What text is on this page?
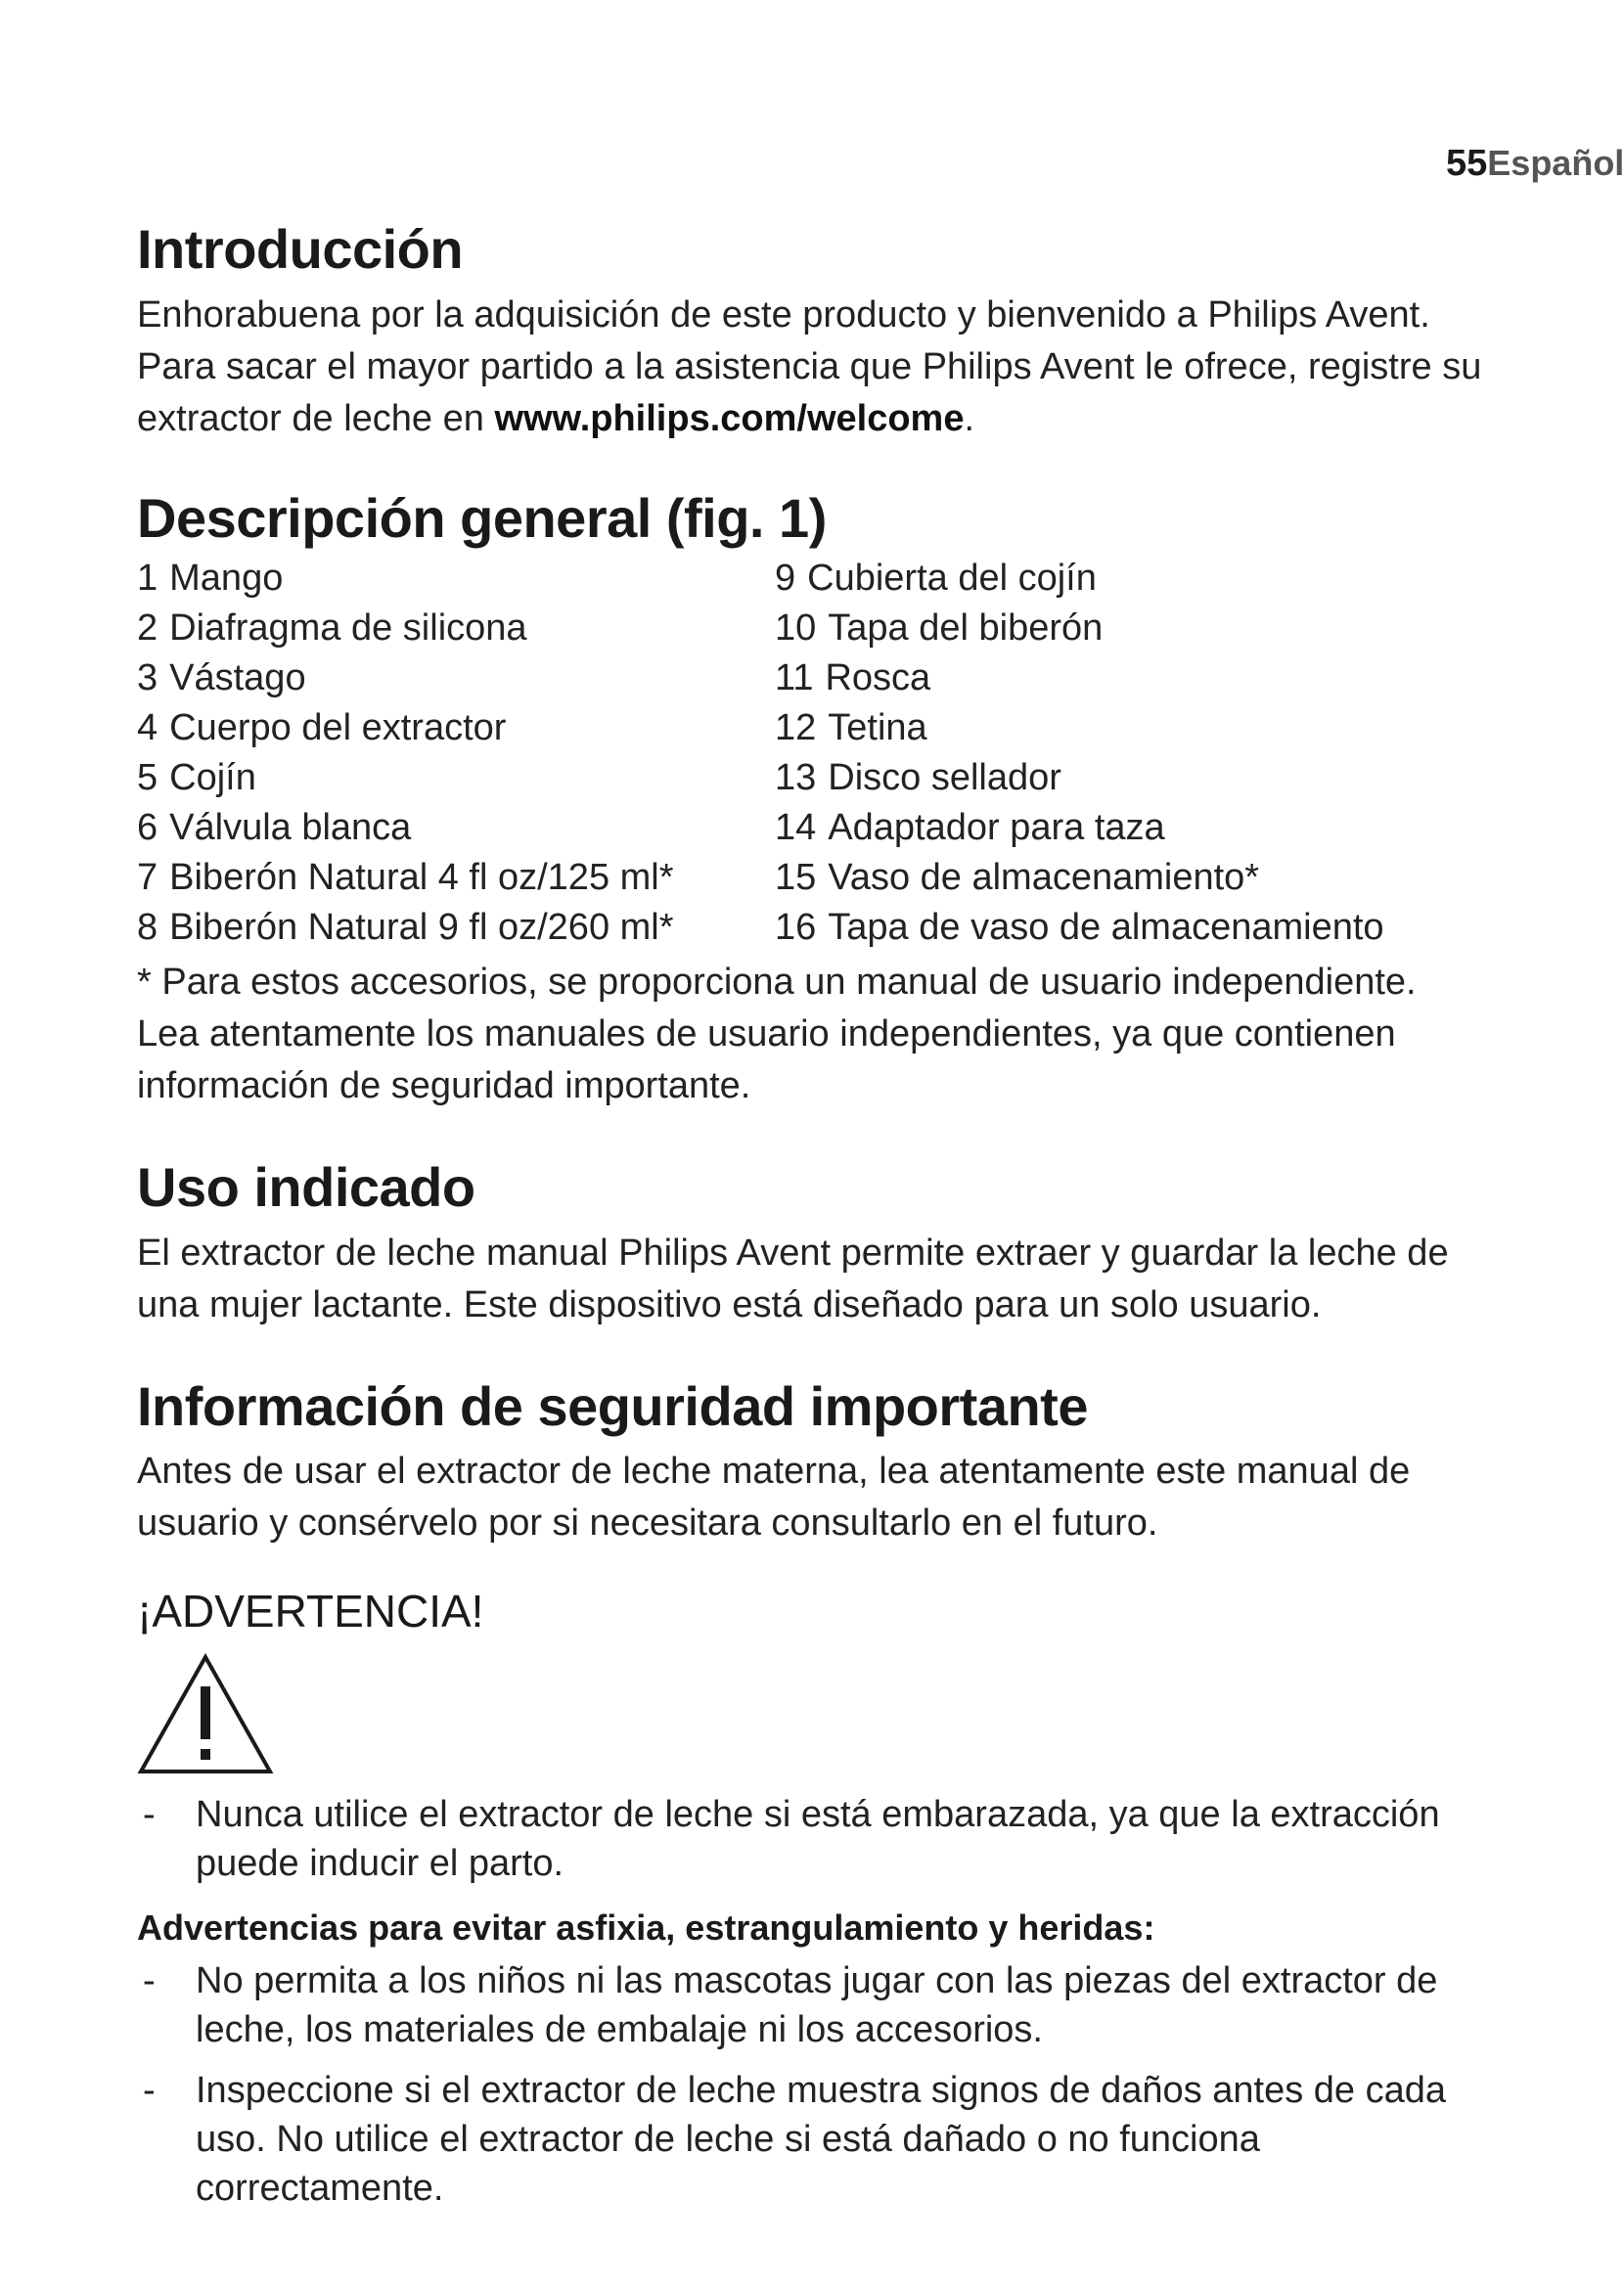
55Español
Introducción

Enhorabuena por la adquisición de este producto y bienvenido a Philips Avent. Para sacar el mayor partido a la asistencia que Philips Avent le ofrece, registre su extractor de leche en www.philips.com/welcome.

Descripción general (fig. 1)
1 Mango
2 Diafragma de silicona
3 Vástago
4 Cuerpo del extractor
5 Cojín
6 Válvula blanca
7 Biberón Natural 4 fl oz/125 ml*
8 Biberón Natural 9 fl oz/260 ml*
9 Cubierta del cojín
10 Tapa del biberón
11 Rosca
12 Tetina
13 Disco sellador
14 Adaptador para taza
15 Vaso de almacenamiento*
16 Tapa de vaso de almacenamiento

* Para estos accesorios, se proporciona un manual de usuario independiente.

Lea atentamente los manuales de usuario independientes, ya que contienen información de seguridad importante.

Uso indicado

El extractor de leche manual Philips Avent permite extraer y guardar la leche de una mujer lactante. Este dispositivo está diseñado para un solo usuario.

Información de seguridad importante

Antes de usar el extractor de leche materna, lea atentamente este manual de usuario y consérvelo por si necesitara consultarlo en el futuro.

¡ADVERTENCIA!
- Nunca utilice el extractor de leche si está embarazada, ya que la extracción puede inducir el parto.
Advertencias para evitar asfixia, estrangulamiento y heridas:
- No permita a los niños ni las mascotas jugar con las piezas del extractor de leche, los materiales de embalaje ni los accesorios.
- Inspeccione si el extractor de leche muestra signos de daños antes de cada uso. No utilice el extractor de leche si está dañado o no funciona correctamente.
